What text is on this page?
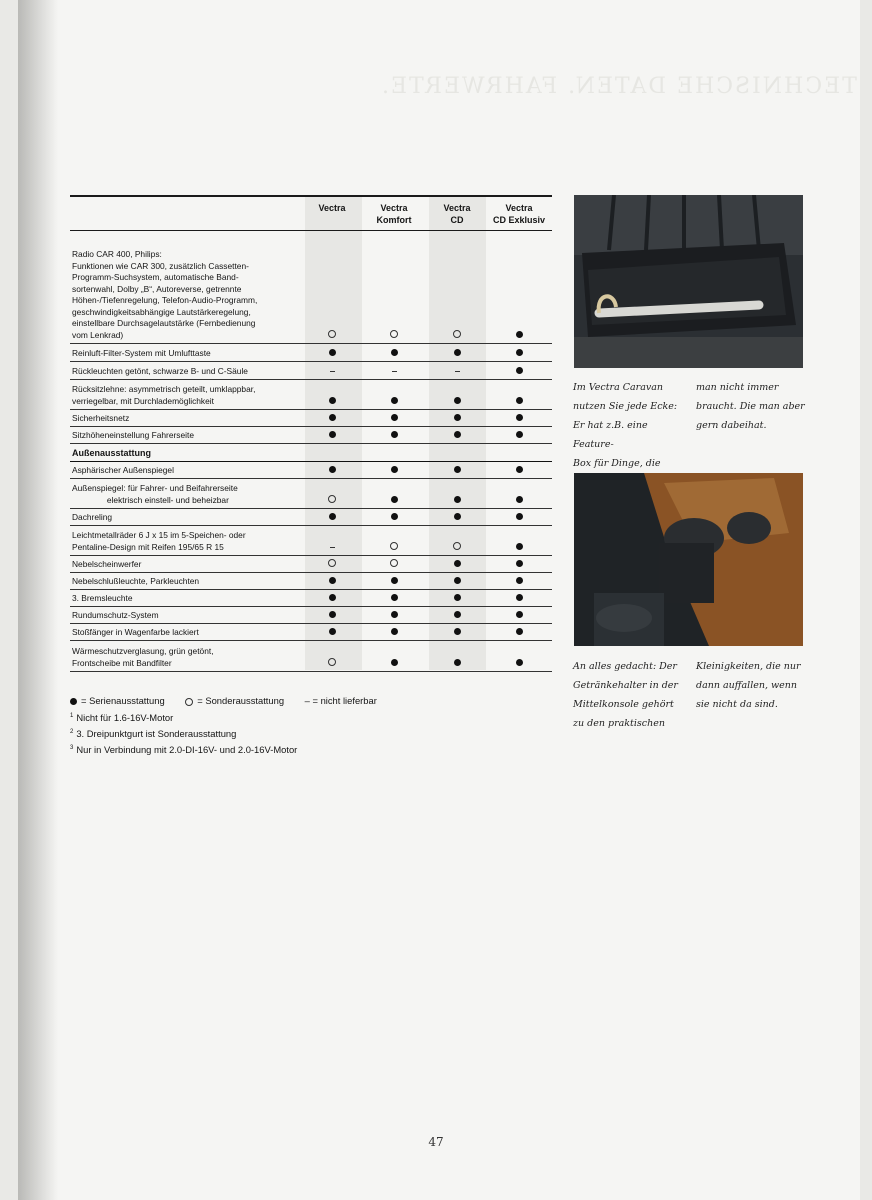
TECHNISCHE DATEN. FAHRWERTE.
Vectra	Vectra
Komfort
Vectra
CD
Vectra
CD Exklusiv
Radio CAR 400, Philips:
Funktionen wie CAR 300, zusätzlich Cassetten-
Programm-Suchsystem, automatische Band-
sortenwahl, Dolby „B“, Autoreverse, getrennte
Höhen-/Tiefenregelung, Telefon-Audio-Programm,
geschwindigkeitsabhängige Lautstärkeregelung,
einstellbare Durchsagelautstärke (Fernbedienung
vom Lenkrad)
Reinluft-Filter-System mit Umlufttaste
Rückleuchten getönt, schwarze B- und C-Säule
Rücksitzlehne: asymmetrisch geteilt, umklappbar,
verriegelbar, mit Durchlademöglichkeit
Sicherheitsnetz
Sitzhöheneinstellung Fahrerseite
Außenausstattung
Asphärischer Außenspiegel
Außenspiegel: für Fahrer- und Beifahrerseite
elektrisch einstell- und beheizbar
Dachreling
Leichtmetallräder 6 J x 15 im 5-Speichen- oder
Pentaline-Design mit Reifen 195/65 R 15
Nebelscheinwerfer
Nebelschlußleuchte, Parkleuchten
3. Bremsleuchte
Rundumschutz-System
Stoßfänger in Wagenfarbe lackiert
Wärmeschutzverglasung, grün getönt,
Frontscheibe mit Bandfilter
= Serienausstattung	= Sonderausstattung – = nicht lieferbar
$^1$ Nicht für 1.6-16V-Motor
$^2$ 3. Dreipunktgurt ist Sonderausstattung
$^3$ Nur in Verbindung mit 2.0-DI-16V- und 2.0-16V-Motor
Im Vectra Caravan
nutzen Sie jede Ecke:
Er hat z.B. eine Feature-
Box für Dinge, die
man nicht immer
braucht. Die man aber
gern dabeihat.
An alles gedacht: Der
Getränkehalter in der
Mittelkonsole gehört
zu den praktischen
Kleinigkeiten, die nur
dann auffallen, wenn
sie nicht da sind.
47
